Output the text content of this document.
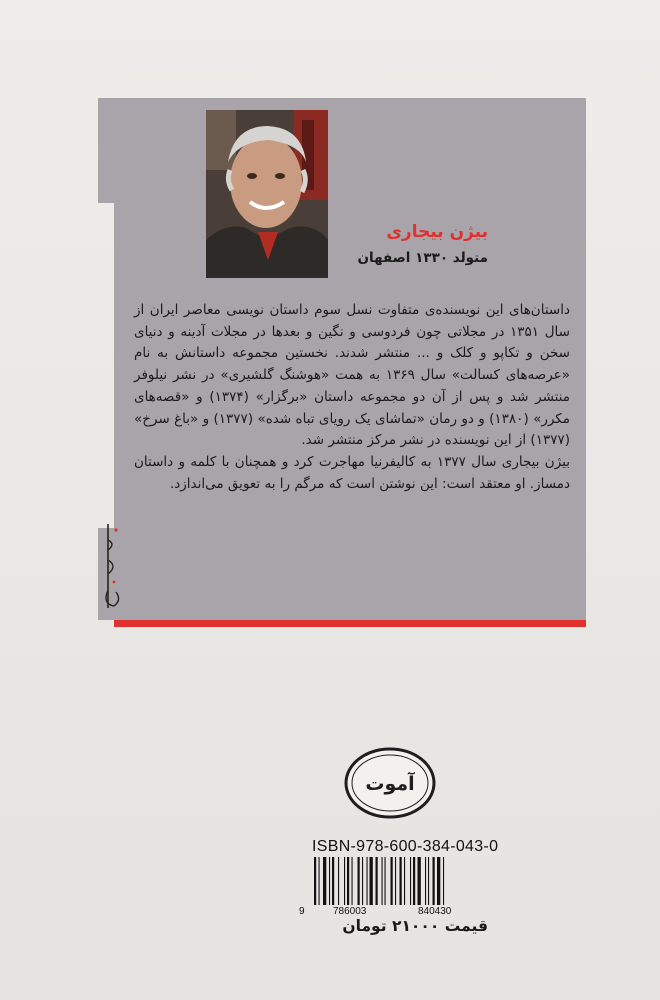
بیژن بیجاری
متولد ۱۳۳۰ اصفهان

داستان‌های این نویسنده‌ی متفاوت نسل سوم داستان نویسی معاصر ایران از سال ۱۳۵۱ در مجلاتی چون فردوسی و نگین و بعدها در مجلات آدینه و دنیای سخن و تکاپو و کلک و ... منتشر شدند. نخستین مجموعه داستانش به نام «عرصه‌های کسالت» سال ۱۳۶۹ به همت «هوشنگ گلشیری» در نشر نیلوفر منتشر شد و پس از آن دو مجموعه داستان «برگزار» (۱۳۷۴) و «قصه‌های مکرر» (۱۳۸۰) و دو رمان «تماشای یک رویای تباه شده» (۱۳۷۷) و «باغ سرخ» (۱۳۷۷) از این نویسنده در نشر مرکز منتشر شد.

بیژن بیجاری سال ۱۳۷۷ به کالیفرنیا مهاجرت کرد و همچنان با کلمه و داستان دمساز. او معتقد است: این نوشتن است که مرگم را به تعویق می‌اندازد.

آموت
ISBN-978-600-384-043-0
9	786003	840430
قیمت ۲۱۰۰۰ تومان
